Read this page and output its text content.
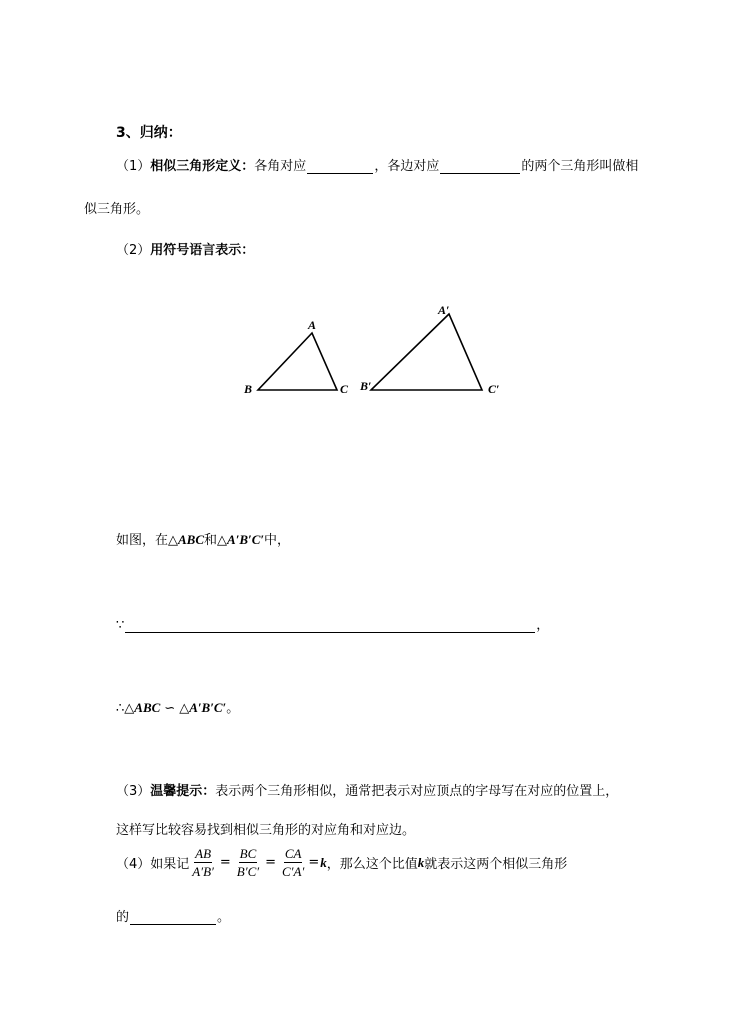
3、归纳：
（1）相似三角形定义：各角对应	，各边对应	的两个三角形叫做相
似三角形。
（2）用符号语言表示：
A
B	C
A′
B′	C′
如图，在△ABC和△A′B′C′中，
∵	，
∴△ABC ∽ △A′B′C′。
（3）温馨提示：表示两个三角形相似，通常把表示对应顶点的字母写在对应的位置上，
这样写比较容易找到相似三角形的对应角和对应边。
（4） 如果记 $\frac{AB}{A'B'} = \frac{BC}{B'C'} = \frac{CA}{C'A'} = k$ ，那么这个比值 k 就表示这两个相似三角形
的	。
